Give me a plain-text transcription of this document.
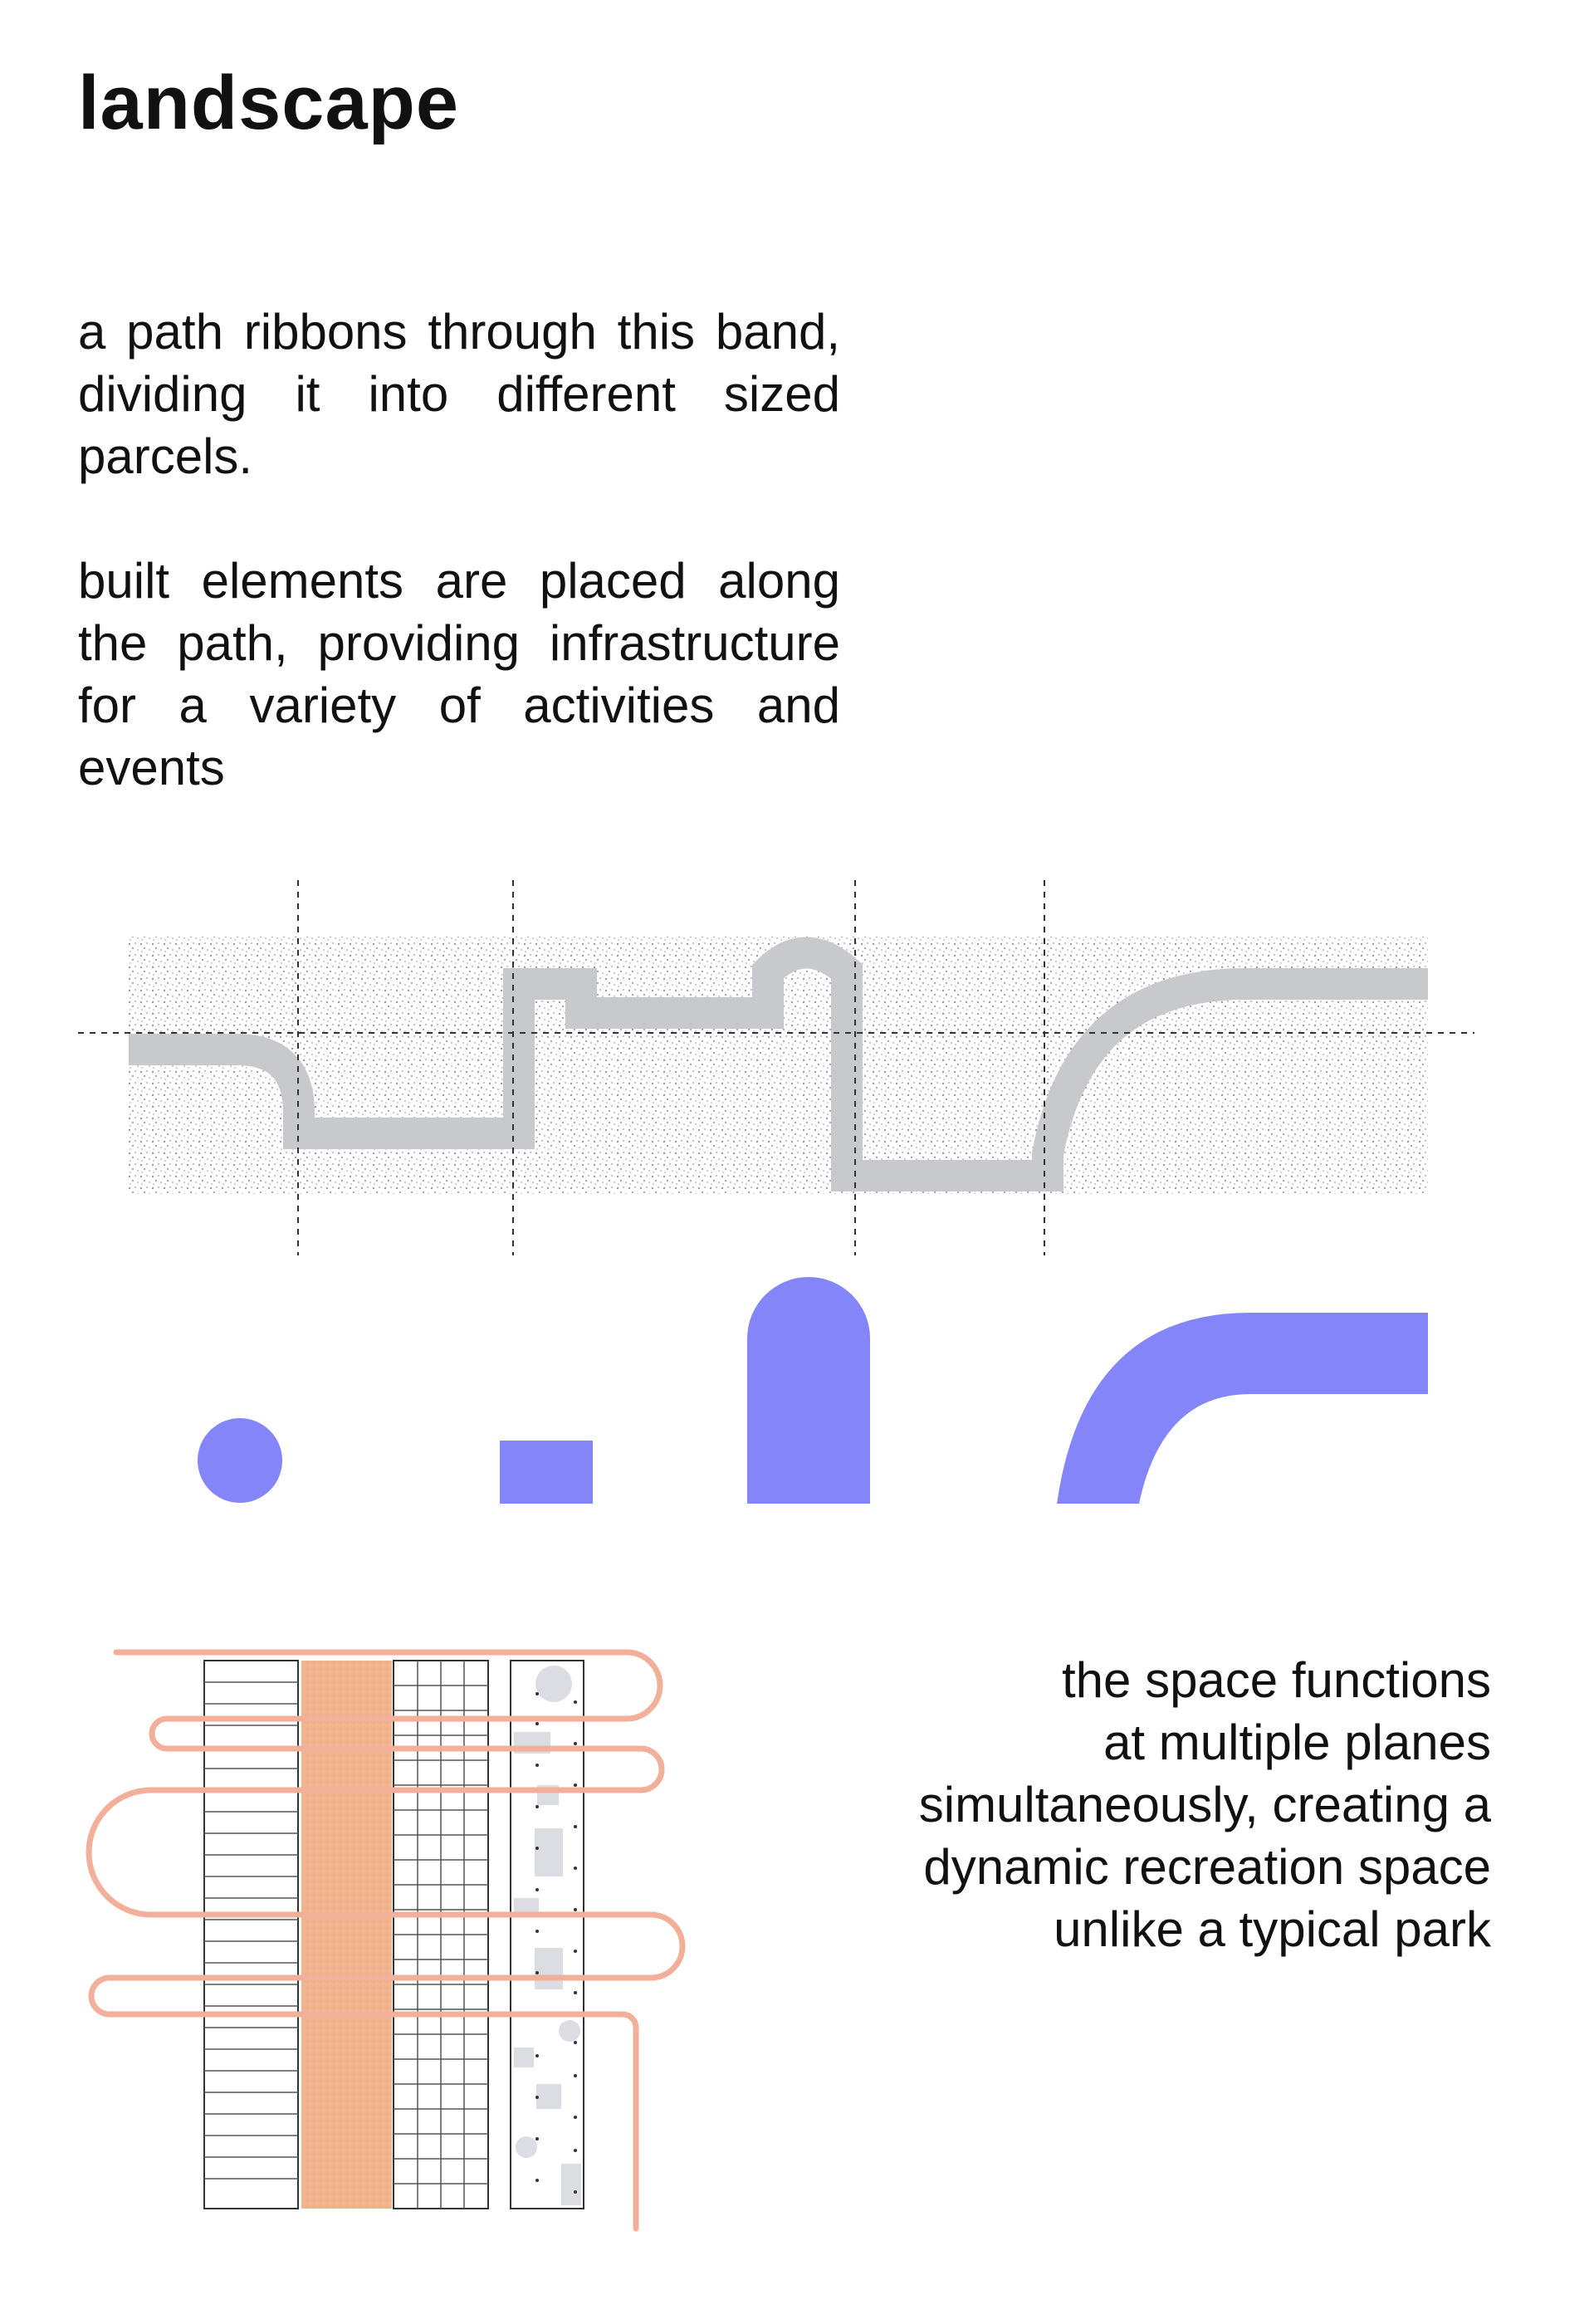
landscape

a path ribbons through this band, dividing it into different sized parcels.

built elements are placed along the path, providing infrastructure for a variety of activities and events

the space functions
at multiple planes
simultaneously, creating a
dynamic recreation space
unlike a typical park
